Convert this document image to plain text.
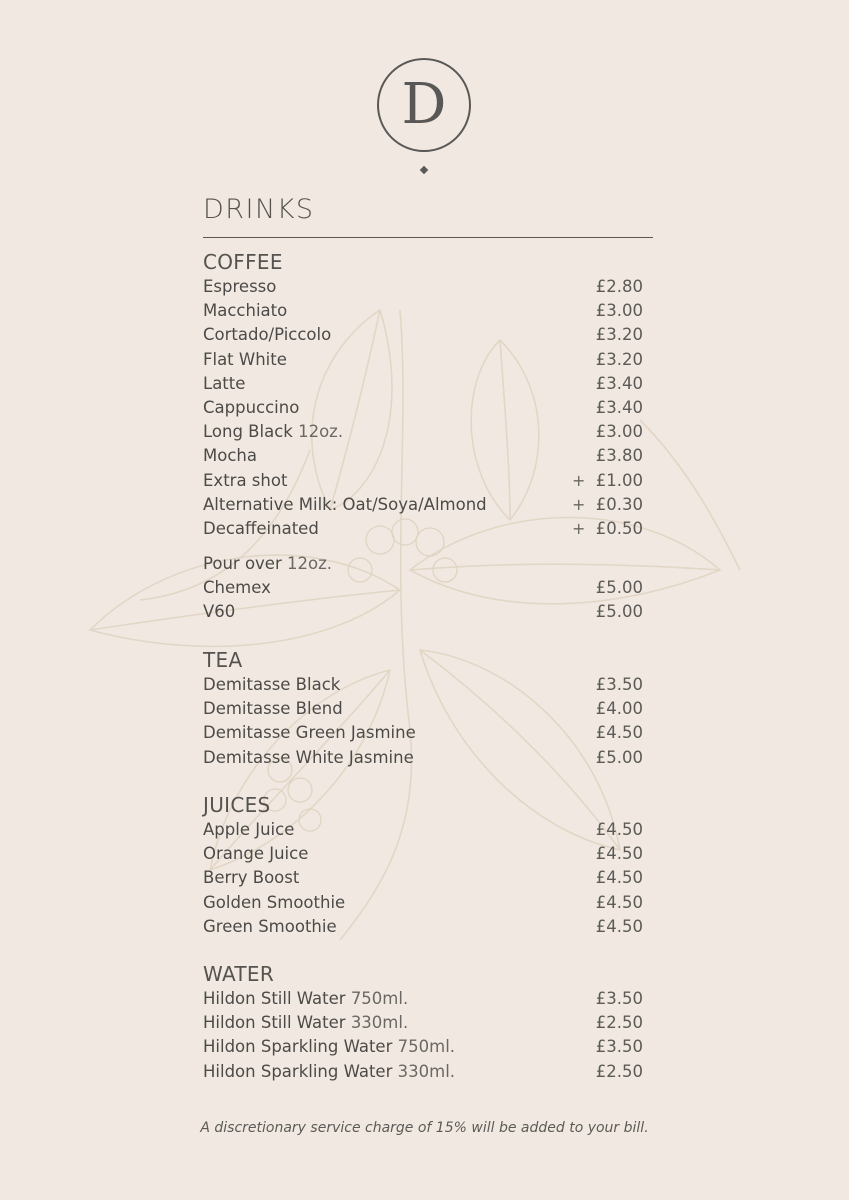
D
DRINKS
COFFEE
Espresso	£2.80
Macchiato	£3.00
Cortado/Piccolo	£3.20
Flat White	£3.20
Latte	£3.40
Cappuccino	£3.40
Long Black 12oz.	£3.00
Mocha	£3.80
Extra shot	+ £1.00
Alternative Milk: Oat/Soya/Almond	+ £0.30
Decaffeinated	+ £0.50
Pour over 12oz.
Chemex	£5.00
V60	£5.00
TEA
Demitasse Black	£3.50
Demitasse Blend	£4.00
Demitasse Green Jasmine	£4.50
Demitasse White Jasmine	£5.00
JUICES
Apple Juice	£4.50
Orange Juice	£4.50
Berry Boost	£4.50
Golden Smoothie	£4.50
Green Smoothie	£4.50
WATER
Hildon Still Water 750ml.	£3.50
Hildon Still Water 330ml.	£2.50
Hildon Sparkling Water 750ml.	£3.50
Hildon Sparkling Water 330ml.	£2.50
A discretionary service charge of 15% will be added to your bill.
